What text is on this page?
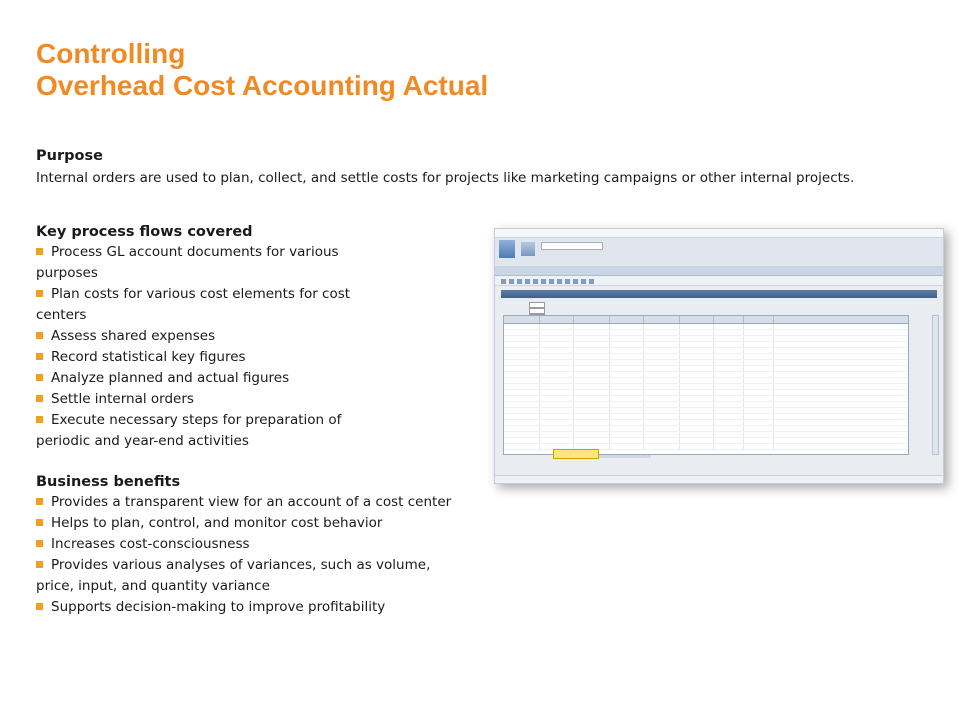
Controlling
Overhead Cost Accounting Actual
Purpose
Internal orders are used to plan, collect, and settle costs for projects like marketing campaigns or other internal projects.
Key process flows covered
Process GL account documents for various purposes
Plan costs for various cost elements for cost centers
Assess shared expenses
Record statistical key figures
Analyze planned and actual figures
Settle internal orders
Execute necessary steps for preparation of periodic and year-end activities
Business benefits
Provides a transparent view for an account of a cost center
Helps to plan, control, and monitor cost behavior
Increases cost-consciousness
Provides various analyses of variances, such as volume, price, input, and quantity variance
Supports decision-making to improve profitability
